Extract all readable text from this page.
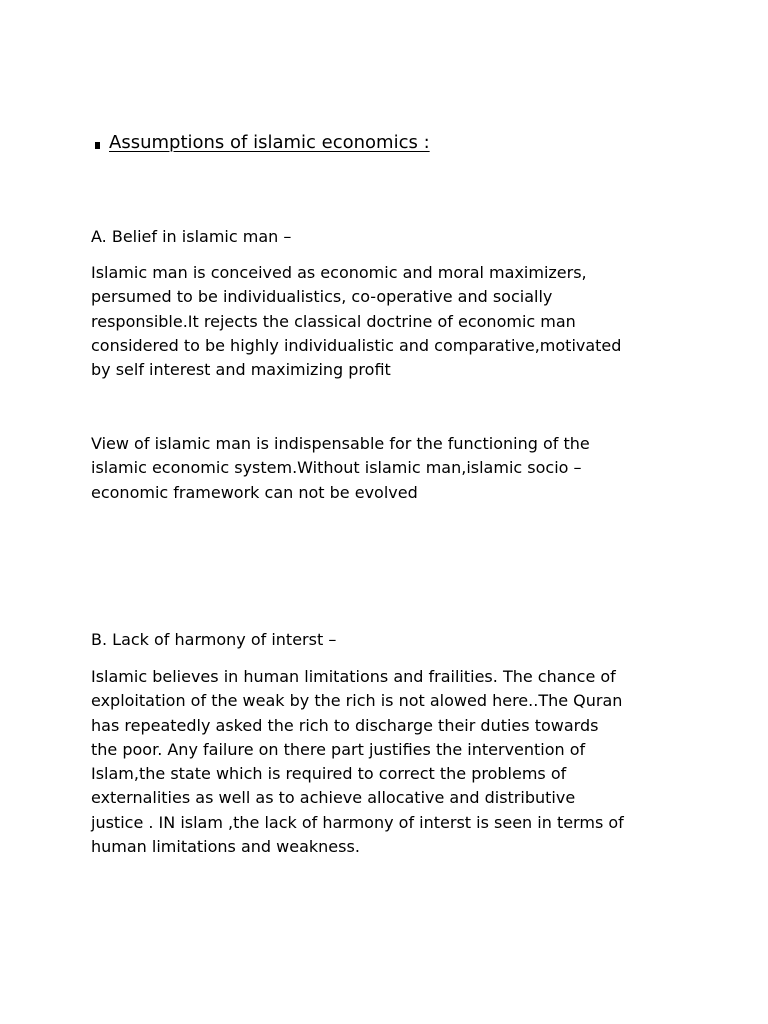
Assumptions of islamic economics :
A. Belief in islamic man –
Islamic man is conceived as economic and moral maximizers,
persumed to be individualistics, co-operative and socially
responsible.It rejects the classical doctrine of economic man
considered to be highly individualistic and comparative,motivated
by self interest and maximizing profit
View of islamic man is indispensable for the functioning of the
islamic economic system.Without islamic man,islamic socio –
economic framework can not be evolved
B. Lack of harmony of interst –
Islamic believes in human limitations and frailities. The chance of
exploitation of the weak by the rich is not alowed here..The Quran
has repeatedly asked the rich to discharge their duties towards
the poor. Any failure on there part justifies the intervention of
Islam,the state which is required to correct the problems of
externalities as well as to achieve allocative and distributive
justice . IN islam ,the lack of harmony of interst is seen in terms of
human limitations and weakness.
